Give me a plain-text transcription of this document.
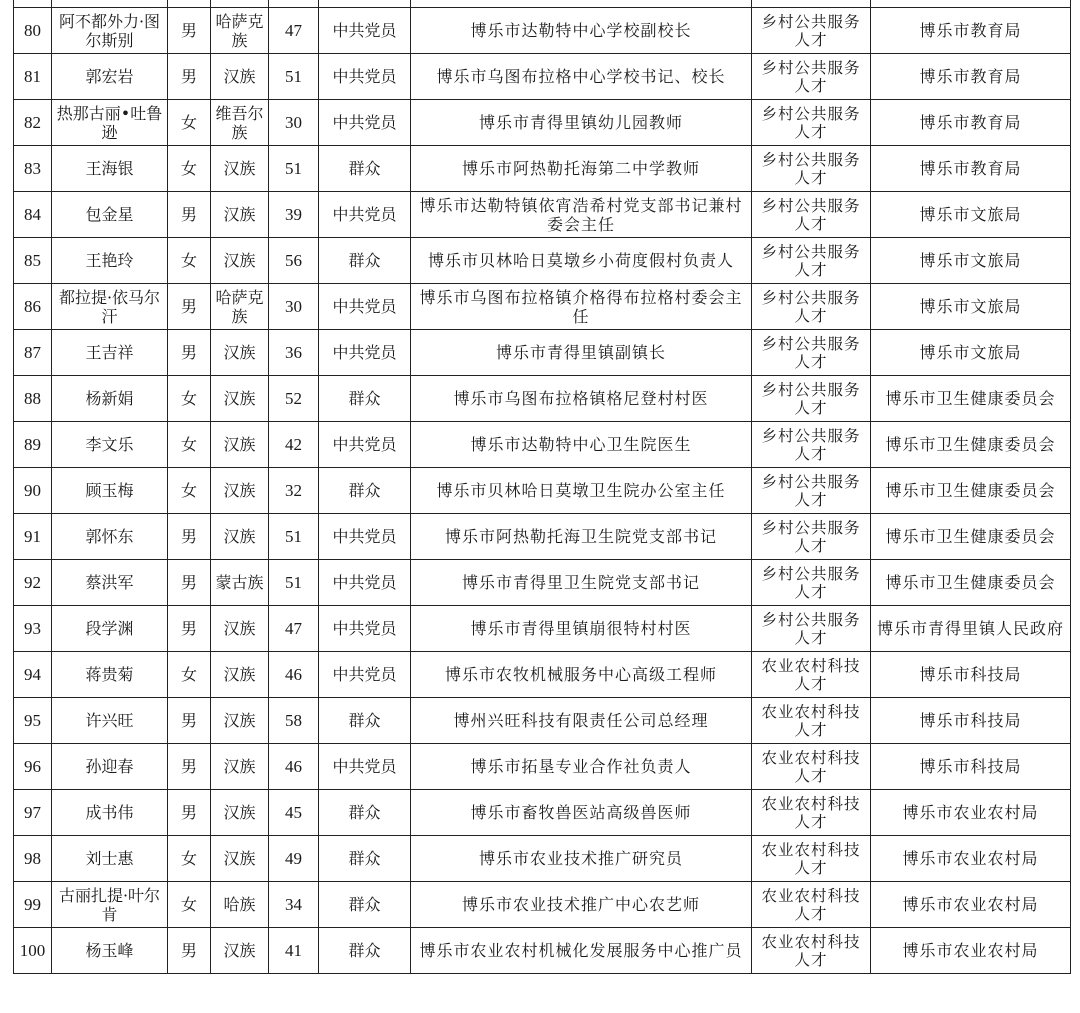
80	阿不都外力·图尔斯别	男	哈萨克族	47	中共党员	博乐市达勒特中心学校副校长	乡村公共服务人才	博乐市教育局
81	郭宏岩	男	汉族	51	中共党员	博乐市乌图布拉格中心学校书记、校长	乡村公共服务人才	博乐市教育局
82	热那古丽•吐鲁逊	女	维吾尔族	30	中共党员	博乐市青得里镇幼儿园教师	乡村公共服务人才	博乐市教育局
83	王海银	女	汉族	51	群众	博乐市阿热勒托海第二中学教师	乡村公共服务人才	博乐市教育局
84	包金星	男	汉族	39	中共党员	博乐市达勒特镇依宵浩希村党支部书记兼村委会主任	乡村公共服务人才	博乐市文旅局
85	王艳玲	女	汉族	56	群众	博乐市贝林哈日莫墩乡小荷度假村负责人	乡村公共服务人才	博乐市文旅局
86	都拉提·依马尔汗	男	哈萨克族	30	中共党员	博乐市乌图布拉格镇介格得布拉格村委会主任	乡村公共服务人才	博乐市文旅局
87	王吉祥	男	汉族	36	中共党员	博乐市青得里镇副镇长	乡村公共服务人才	博乐市文旅局
88	杨新娟	女	汉族	52	群众	博乐市乌图布拉格镇格尼登村村医	乡村公共服务人才	博乐市卫生健康委员会
89	李文乐	女	汉族	42	中共党员	博乐市达勒特中心卫生院医生	乡村公共服务人才	博乐市卫生健康委员会
90	顾玉梅	女	汉族	32	群众	博乐市贝林哈日莫墩卫生院办公室主任	乡村公共服务人才	博乐市卫生健康委员会
91	郭怀东	男	汉族	51	中共党员	博乐市阿热勒托海卫生院党支部书记	乡村公共服务人才	博乐市卫生健康委员会
92	蔡洪军	男	蒙古族	51	中共党员	博乐市青得里卫生院党支部书记	乡村公共服务人才	博乐市卫生健康委员会
93	段学渊	男	汉族	47	中共党员	博乐市青得里镇崩很特村村医	乡村公共服务人才	博乐市青得里镇人民政府
94	蒋贵菊	女	汉族	46	中共党员	博乐市农牧机械服务中心高级工程师	农业农村科技人才	博乐市科技局
95	许兴旺	男	汉族	58	群众	博州兴旺科技有限责任公司总经理	农业农村科技人才	博乐市科技局
96	孙迎春	男	汉族	46	中共党员	博乐市拓垦专业合作社负责人	农业农村科技人才	博乐市科技局
97	成书伟	男	汉族	45	群众	博乐市畜牧兽医站高级兽医师	农业农村科技人才	博乐市农业农村局
98	刘士惠	女	汉族	49	群众	博乐市农业技术推广研究员	农业农村科技人才	博乐市农业农村局
99	古丽扎提·叶尔肯	女	哈族	34	群众	博乐市农业技术推广中心农艺师	农业农村科技人才	博乐市农业农村局
100	杨玉峰	男	汉族	41	群众	博乐市农业农村机械化发展服务中心推广员	农业农村科技人才	博乐市农业农村局
